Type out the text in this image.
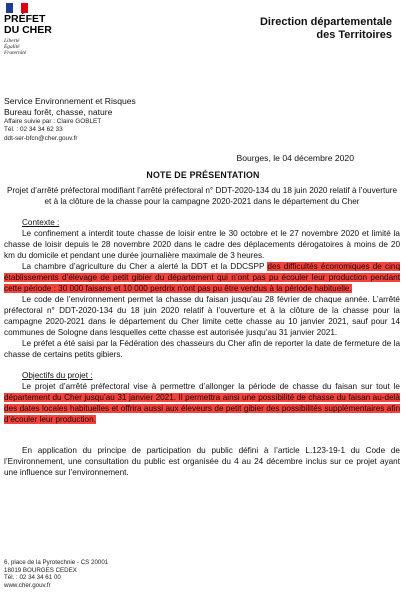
PRÉFET
DU CHER
Liberté
Égalité
Fraternité
Direction départementale
des Territoires
Service Environnement et Risques
Bureau forêt, chasse, nature
Affaire suivie par : Claire GOBLET
Tél. : 02 34 34 62 33
ddt-ser-bfcn@cher.gouv.fr
Bourges, le 04 décembre 2020
NOTE DE PRÉSENTATION

Projet d’arrêté préfectoral modifiant l’arrêté préfectoral n° DDT-2020-134 du 18 juin 2020 relatif à l’ouverture et à la clôture de la chasse pour la campagne 2020-2021 dans le département du Cher

Contexte :

Le confinement a interdit toute chasse de loisir entre le 30 octobre et le 27 novembre 2020 et limité la chasse de loisir depuis le 28 novembre 2020 dans le cadre des déplacements dérogatoires à moins de 20 km du domicile et pendant une durée journalière maximale de 3 heures.

La chambre d’agriculture du Cher a alerté la DDT et la DDCSPP des difficultés économiques de cinq établissements d’élevage de petit gibier du département qui n’ont pas pu écouler leur production pendant cette période : 30 000 faisans et 10 000 perdrix n’ont pas pu être vendus à la période habituelle.

Le code de l’environnement permet la chasse du faisan jusqu’au 28 février de chaque année. L’arrêté préfectoral n° DDT-2020-134 du 18 juin 2020 relatif à l’ouverture et à la clôture de la chasse pour la campagne 2020-2021 dans le département du Cher limite cette chasse au 10 janvier 2021, sauf pour 14 communes de Sologne dans lesquelles cette chasse est autorisée jusqu’au 31 janvier 2021.

Le préfet a été saisi par la Fédération des chasseurs du Cher afin de reporter la date de fermeture de la chasse de certains petits gibiers.

Objectifs du projet :

Le projet d’arrêté préfectoral vise à permettre d’allonger la période de chasse du faisan sur tout le département du Cher jusqu’au 31 janvier 2021. Il permettra ainsi une possibilité de chasse du faisan au-delà des dates locales habituelles et offrira aussi aux éleveurs de petit gibier des possibilités supplémentaires afin d’écouler leur production.

En application du principe de participation du public défini à l’article L.123-19-1 du Code de l’Environnement, une consultation du public est organisée du 4 au 24 décembre inclus sur ce projet ayant une influence sur l’environnement.

6, place de la Pyrotechnie - CS 20001
18019 BOURGES CEDEX
Tél. : 02 34 34 61 00
www.cher.gouv.fr
